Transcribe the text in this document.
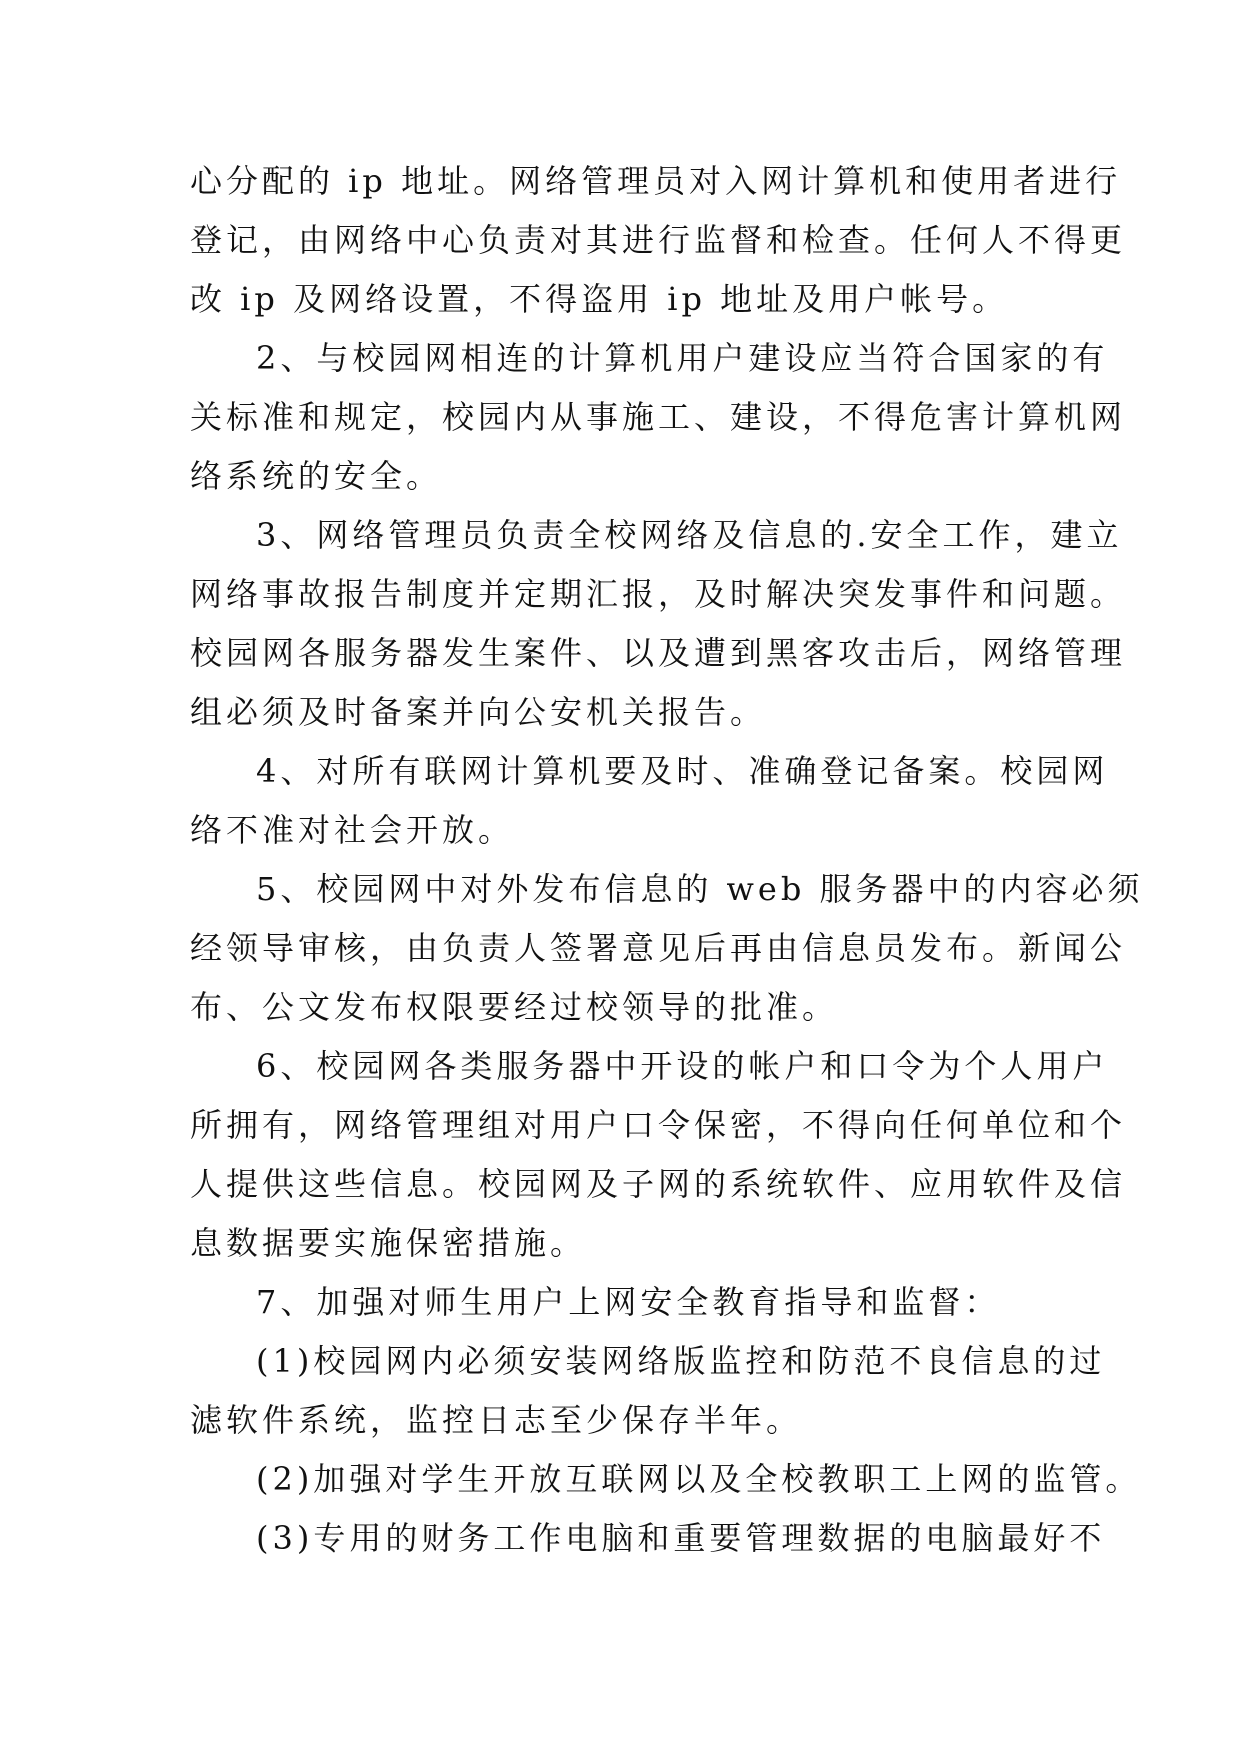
心分配的 ip 地址。网络管理员对入网计算机和使用者进行
登记，由网络中心负责对其进行监督和检查。任何人不得更
改 ip 及网络设置，不得盗用 ip 地址及用户帐号。
2、与校园网相连的计算机用户建设应当符合国家的有
关标准和规定，校园内从事施工、建设，不得危害计算机网
络系统的安全。
3、网络管理员负责全校网络及信息的.安全工作，建立
网络事故报告制度并定期汇报，及时解决突发事件和问题。
校园网各服务器发生案件、以及遭到黑客攻击后，网络管理
组必须及时备案并向公安机关报告。
4、对所有联网计算机要及时、准确登记备案。校园网
络不准对社会开放。
5、校园网中对外发布信息的 web 服务器中的内容必须
经领导审核，由负责人签署意见后再由信息员发布。新闻公
布、公文发布权限要经过校领导的批准。
6、校园网各类服务器中开设的帐户和口令为个人用户
所拥有，网络管理组对用户口令保密，不得向任何单位和个
人提供这些信息。校园网及子网的系统软件、应用软件及信
息数据要实施保密措施。
7、加强对师生用户上网安全教育指导和监督：
(1)校园网内必须安装网络版监控和防范不良信息的过
滤软件系统，监控日志至少保存半年。
(2)加强对学生开放互联网以及全校教职工上网的监管。
(3)专用的财务工作电脑和重要管理数据的电脑最好不
